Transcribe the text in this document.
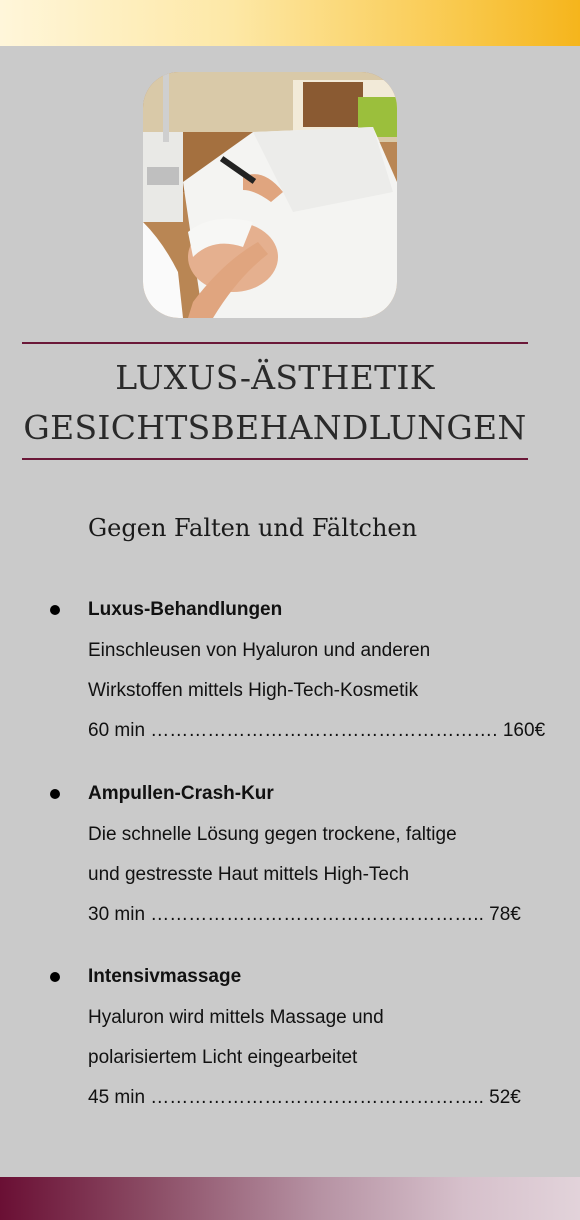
LUXUS-ÄSTHETIK
GESICHTSBEHANDLUNGEN
Gegen Falten und Fältchen
Luxus-Behandlungen
Einschleusen von Hyaluron und anderen
Wirkstoffen mittels High-Tech-Kosmetik
60 min ………………………………………………. 160€
Ampullen-Crash-Kur
Die schnelle Lösung gegen trockene, faltige
und gestresste Haut mittels High-Tech
30 min …………………………………………….. 78€
Intensivmassage
Hyaluron wird mittels Massage und
polarisiertem Licht eingearbeitet
45 min …………………………………………….. 52€
